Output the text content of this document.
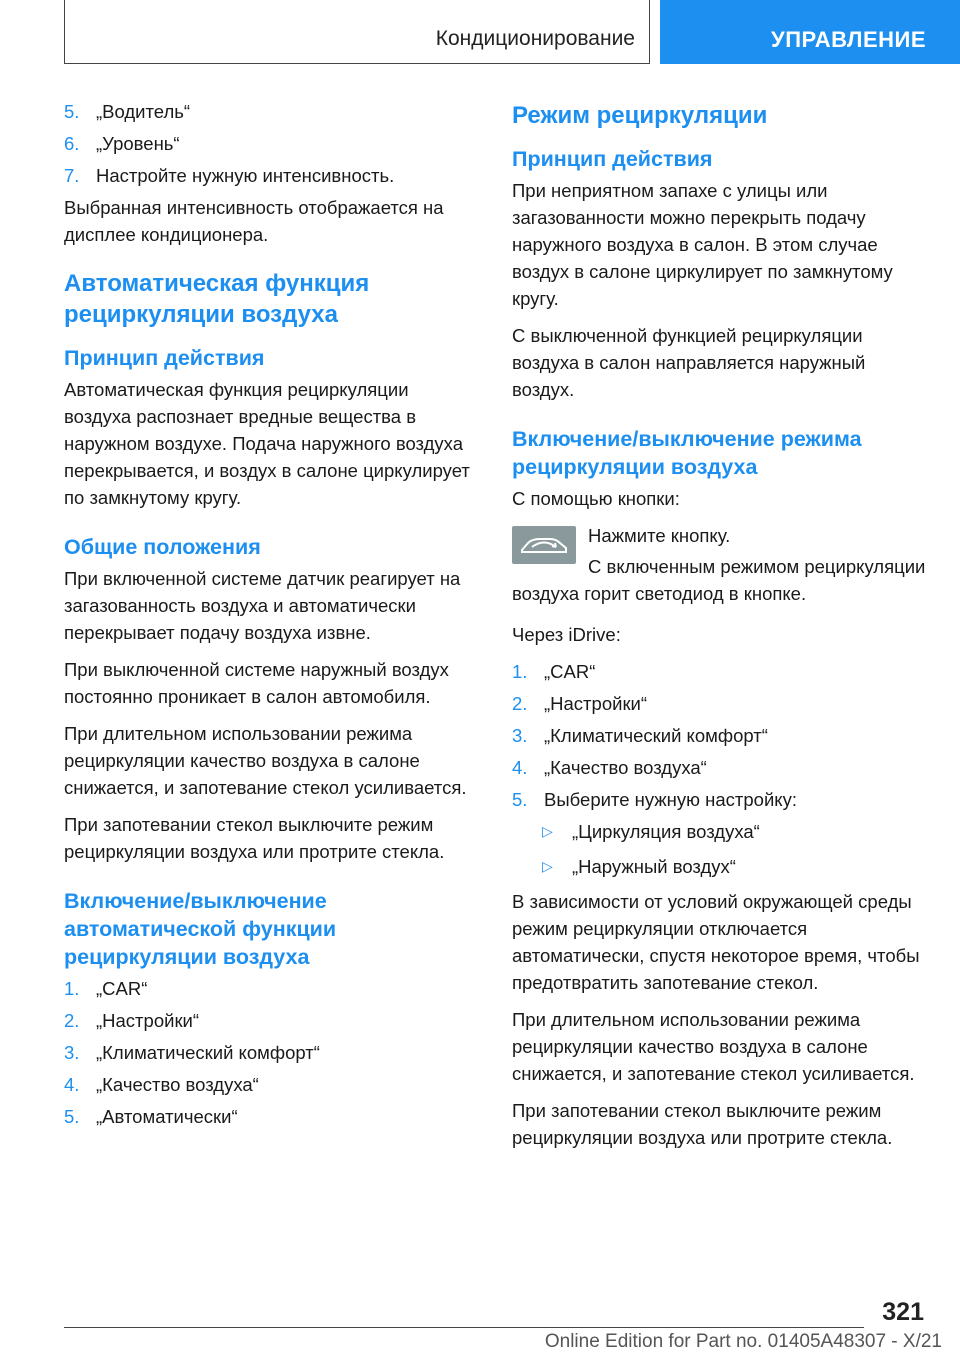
Кондиционирование	УПРАВЛЕНИЕ
5. „Водитель“
6. „Уровень“
7. Настройте нужную интенсивность.

Выбранная интенсивность отображается на дисплее кондиционера.

Автоматическая функция рециркуляции воздуха
Принцип действия

Автоматическая функция рециркуляции воздуха распознает вредные вещества в наружном воздухе. Подача наружного воздуха перекрывается, и воздух в салоне циркулирует по замкнутому кругу.

Общие положения

При включенной системе датчик реагирует на загазованность воздуха и автоматически перекрывает подачу воздуха извне.

При выключенной системе наружный воздух постоянно проникает в салон автомобиля.

При длительном использовании режима рециркуляции качество воздуха в салоне снижается, и запотевание стекол усиливается.

При запотевании стекол выключите режим рециркуляции воздуха или протрите стекла.

Включение/выключение автоматической функции рециркуляции воздуха
1. „CAR“
2. „Настройки“
3. „Климатический комфорт“
4. „Качество воздуха“
5. „Автоматически“
Режим рециркуляции
Принцип действия

При неприятном запахе с улицы или загазованности можно перекрыть подачу наружного воздуха в салон. В этом случае воздух в салоне циркулирует по замкнутому кругу.

С выключенной функцией рециркуляции воздуха в салон направляется наружный воздух.

Включение/выключение режима рециркуляции воздуха

С помощью кнопки:

Нажмите кнопку.

С включенным режимом рециркуляции воздуха горит светодиод в кнопке.

Через iDrive:

1. „CAR“
2. „Настройки“
3. „Климатический комфорт“
4. „Качество воздуха“
5. Выберите нужную настройку:
▷ „Циркуляция воздуха“
▷ „Наружный воздух“

В зависимости от условий окружающей среды режим рециркуляции отключается автоматически, спустя некоторое время, чтобы предотвратить запотевание стекол.

При длительном использовании режима рециркуляции качество воздуха в салоне снижается, и запотевание стекол усиливается.

При запотевании стекол выключите режим рециркуляции воздуха или протрите стекла.

321
Online Edition for Part no. 01405A48307 - X/21
